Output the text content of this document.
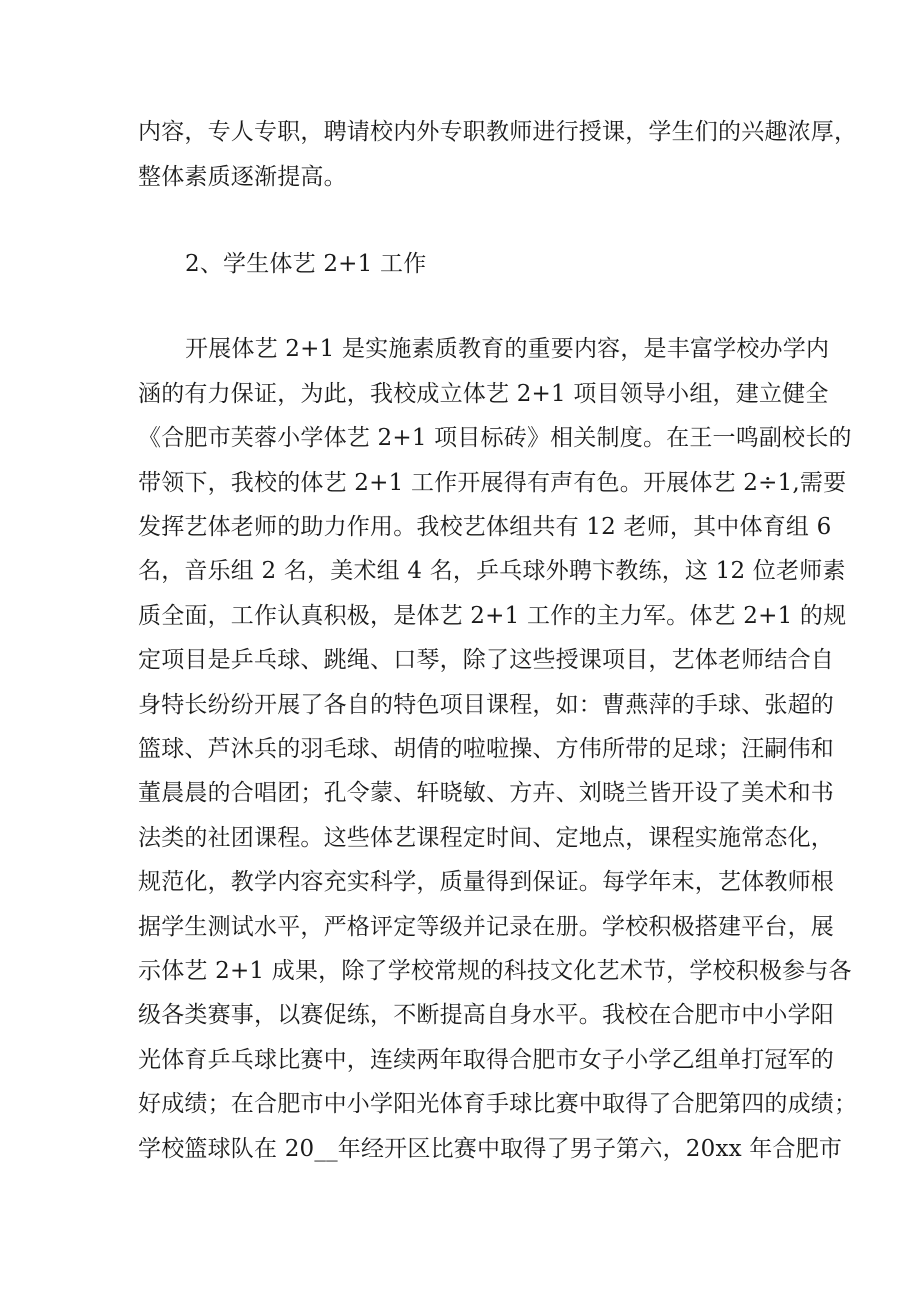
内容，专人专职，聘请校内外专职教师进行授课，学生们的兴趣浓厚，
整体素质逐渐提高。
2、学生体艺 2+1 工作
开展体艺 2+1 是实施素质教育的重要内容，是丰富学校办学内
涵的有力保证，为此，我校成立体艺 2+1 项目领导小组，建立健全
《合肥市芙蓉小学体艺 2+1 项目标砖》相关制度。在王一鸣副校长的
带领下，我校的体艺 2+1 工作开展得有声有色。开展体艺 2÷1,需要
发挥艺体老师的助力作用。我校艺体组共有 12 老师，其中体育组 6
名，音乐组 2 名，美术组 4 名，乒乓球外聘卞教练，这 12 位老师素
质全面，工作认真积极，是体艺 2+1 工作的主力军。体艺 2+1 的规
定项目是乒乓球、跳绳、口琴，除了这些授课项目，艺体老师结合自
身特长纷纷开展了各自的特色项目课程，如：曹燕萍的手球、张超的
篮球、芦沐兵的羽毛球、胡倩的啦啦操、方伟所带的足球；汪嗣伟和
董晨晨的合唱团；孔令蒙、轩晓敏、方卉、刘晓兰皆开设了美术和书
法类的社团课程。这些体艺课程定时间、定地点，课程实施常态化，
规范化，教学内容充实科学，质量得到保证。每学年末，艺体教师根
据学生测试水平，严格评定等级并记录在册。学校积极搭建平台，展
示体艺 2+1 成果，除了学校常规的科技文化艺术节，学校积极参与各
级各类赛事，以赛促练，不断提高自身水平。我校在合肥市中小学阳
光体育乒乓球比赛中，连续两年取得合肥市女子小学乙组单打冠军的
好成绩；在合肥市中小学阳光体育手球比赛中取得了合肥第四的成绩；
学校篮球队在 20__年经开区比赛中取得了男子第六，20xx 年合肥市
